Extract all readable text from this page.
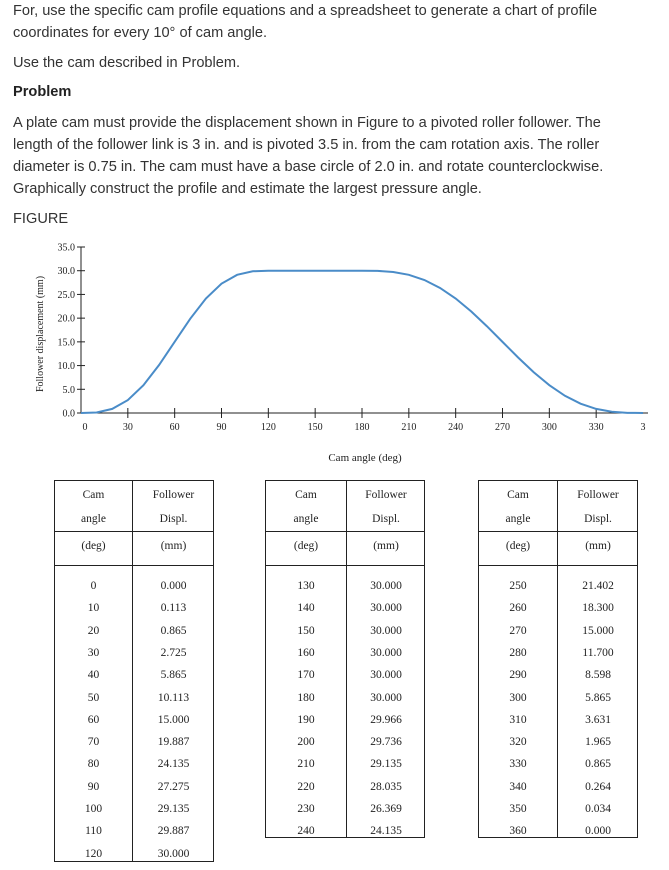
For, use the specific cam profile equations and a spreadsheet to generate a chart of profile

coordinates for every 10° of cam angle.

Use the cam described in Problem.

Problem

A plate cam must provide the displacement shown in Figure to a pivoted roller follower. The

length of the follower link is 3 in. and is pivoted 3.5 in. from the cam rotation axis. The roller

diameter is 0.75 in. The cam must have a base circle of 2.0 in. and rotate counterclockwise.

Graphically construct the profile and estimate the largest pressure angle.

FIGURE

Follower displacement (mm)
Cam angle (deg)
0.0
5.0
10.0
15.0
20.0
25.0
30.0
35.0
0	30	60	90	120	150	180	210	240	270	300	330	3
Cam
angle
(deg)
Follower
Displ.
(mm)
0	0.000
10	0.113
20	0.865
30	2.725
40	5.865
50	10.113
60	15.000
70	19.887
80	24.135
90	27.275
100	29.135
110	29.887
120	30.000
Cam
angle
(deg)
Follower
Displ.
(mm)
130	30.000
140	30.000
150	30.000
160	30.000
170	30.000
180	30.000
190	29.966
200	29.736
210	29.135
220	28.035
230	26.369
240	24.135
Cam
angle
(deg)
Follower
Displ.
(mm)
250	21.402
260	18.300
270	15.000
280	11.700
290	8.598
300	5.865
310	3.631
320	1.965
330	0.865
340	0.264
350	0.034
360	0.000
